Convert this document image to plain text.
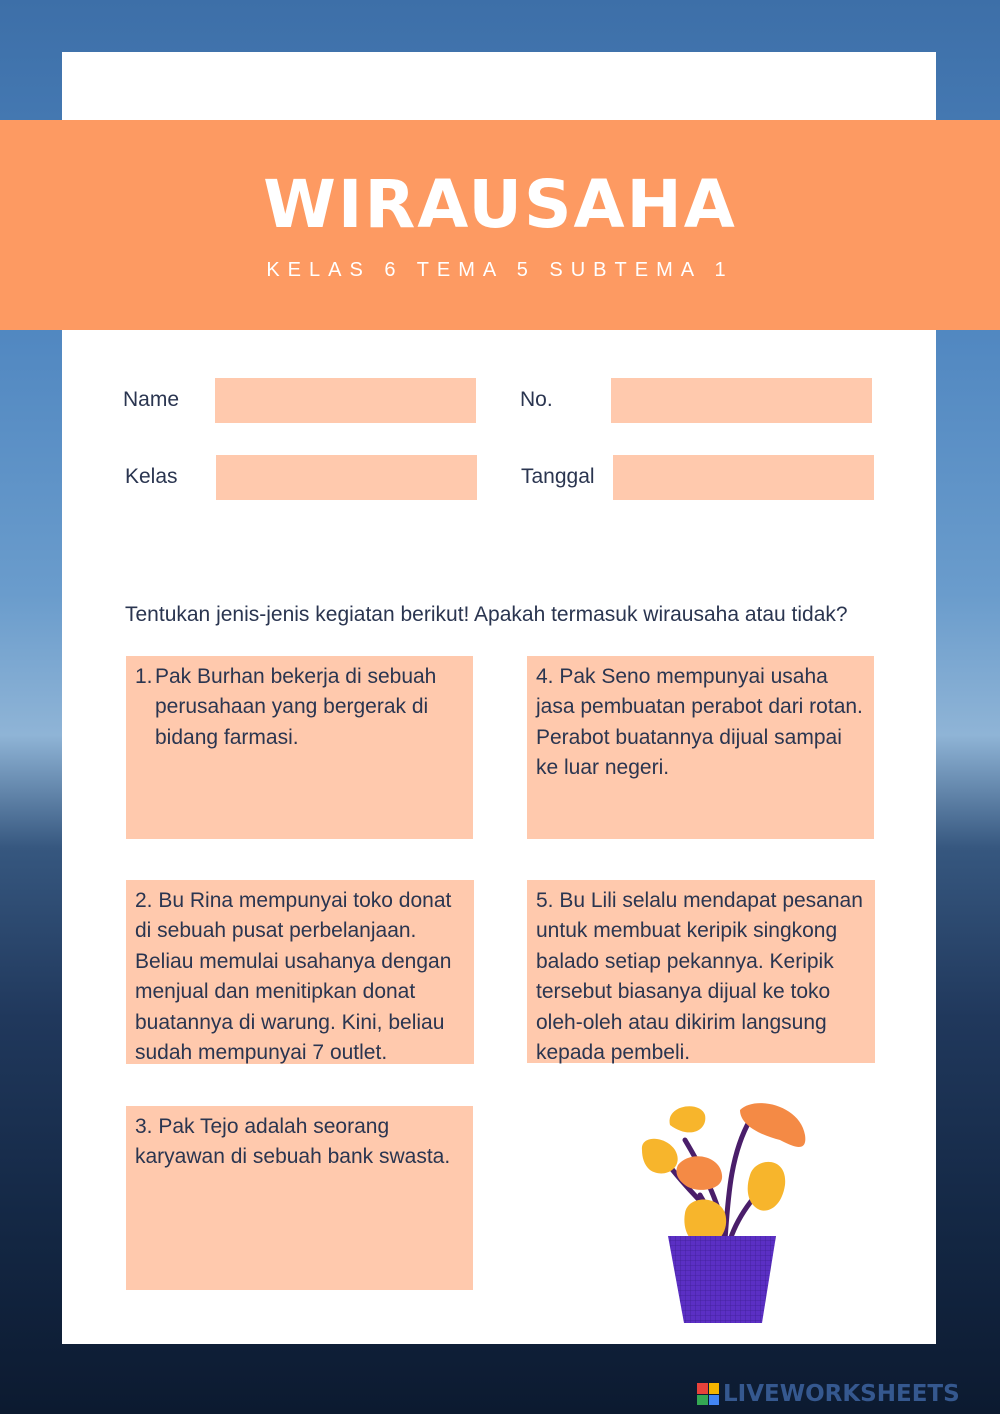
WIRAUSAHA
KELAS 6 TEMA 5 SUBTEMA 1
Name	No.
Kelas	Tanggal
Tentukan jenis-jenis kegiatan berikut! Apakah termasuk wirausaha atau tidak?
1. Pak Burhan bekerja di sebuah perusahaan yang bergerak di bidang farmasi.
2. Bu Rina mempunyai toko donat di sebuah pusat perbelanjaan. Beliau memulai usahanya dengan menjual dan menitipkan donat buatannya di warung. Kini, beliau sudah mempunyai 7 outlet.
3. Pak Tejo adalah seorang karyawan di sebuah bank swasta.
4. Pak Seno mempunyai usaha jasa pembuatan perabot dari rotan. Perabot buatannya dijual sampai ke luar negeri.
5. Bu Lili selalu mendapat pesanan untuk membuat keripik singkong balado setiap pekannya. Keripik tersebut biasanya dijual ke toko oleh-oleh atau dikirim langsung kepada pembeli.
LIVEWORKSHEETS
